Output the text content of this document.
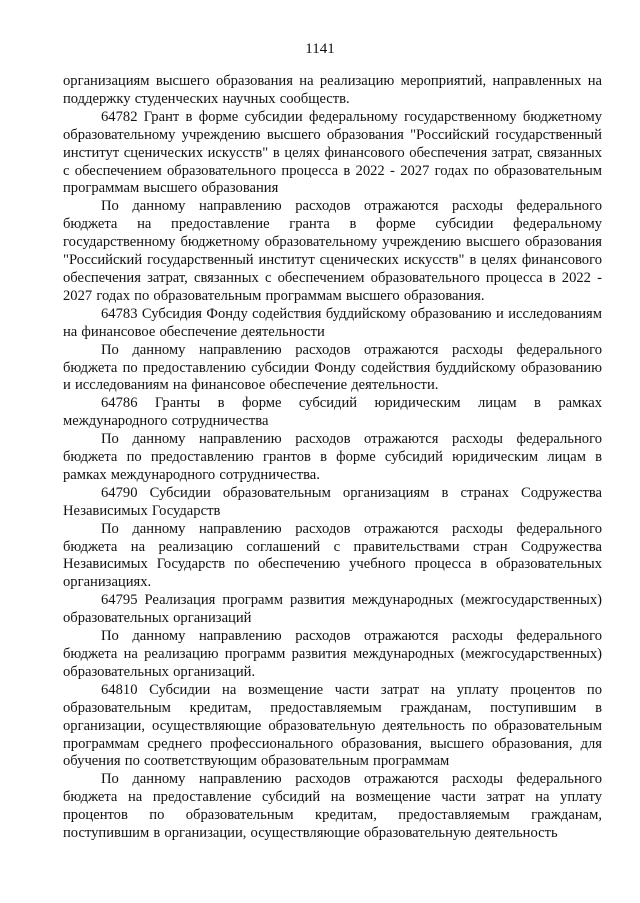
1141

организациям высшего образования на реализацию мероприятий, направленных на поддержку студенческих научных сообществ.

64782 Грант в форме субсидии федеральному государственному бюджетному образовательному учреждению высшего образования "Российский государственный институт сценических искусств" в целях финансового обеспечения затрат, связанных с обеспечением образовательного процесса в 2022 - 2027 годах по образовательным программам высшего образования

По данному направлению расходов отражаются расходы федерального бюджета на предоставление гранта в форме субсидии федеральному государственному бюджетному образовательному учреждению высшего образования "Российский государственный институт сценических искусств" в целях финансового обеспечения затрат, связанных с обеспечением образовательного процесса в 2022 - 2027 годах по образовательным программам высшего образования.

64783 Субсидия Фонду содействия буддийскому образованию и исследованиям на финансовое обеспечение деятельности

По данному направлению расходов отражаются расходы федерального бюджета по предоставлению субсидии Фонду содействия буддийскому образованию и исследованиям на финансовое обеспечение деятельности.

64786 Гранты в форме субсидий юридическим лицам в рамках международного сотрудничества

По данному направлению расходов отражаются расходы федерального бюджета по предоставлению грантов в форме субсидий юридическим лицам в рамках международного сотрудничества.

64790 Субсидии образовательным организациям в странах Содружества Независимых Государств

По данному направлению расходов отражаются расходы федерального бюджета на реализацию соглашений с правительствами стран Содружества Независимых Государств по обеспечению учебного процесса в образовательных организациях.

64795 Реализация программ развития международных (межгосударственных) образовательных организаций

По данному направлению расходов отражаются расходы федерального бюджета на реализацию программ развития международных (межгосударственных) образовательных организаций.

64810 Субсидии на возмещение части затрат на уплату процентов по образовательным кредитам, предоставляемым гражданам, поступившим в организации, осуществляющие образовательную деятельность по образовательным программам среднего профессионального образования, высшего образования, для обучения по соответствующим образовательным программам

По данному направлению расходов отражаются расходы федерального бюджета на предоставление субсидий на возмещение части затрат на уплату процентов по образовательным кредитам, предоставляемым гражданам, поступившим в организации, осуществляющие образовательную деятельность
